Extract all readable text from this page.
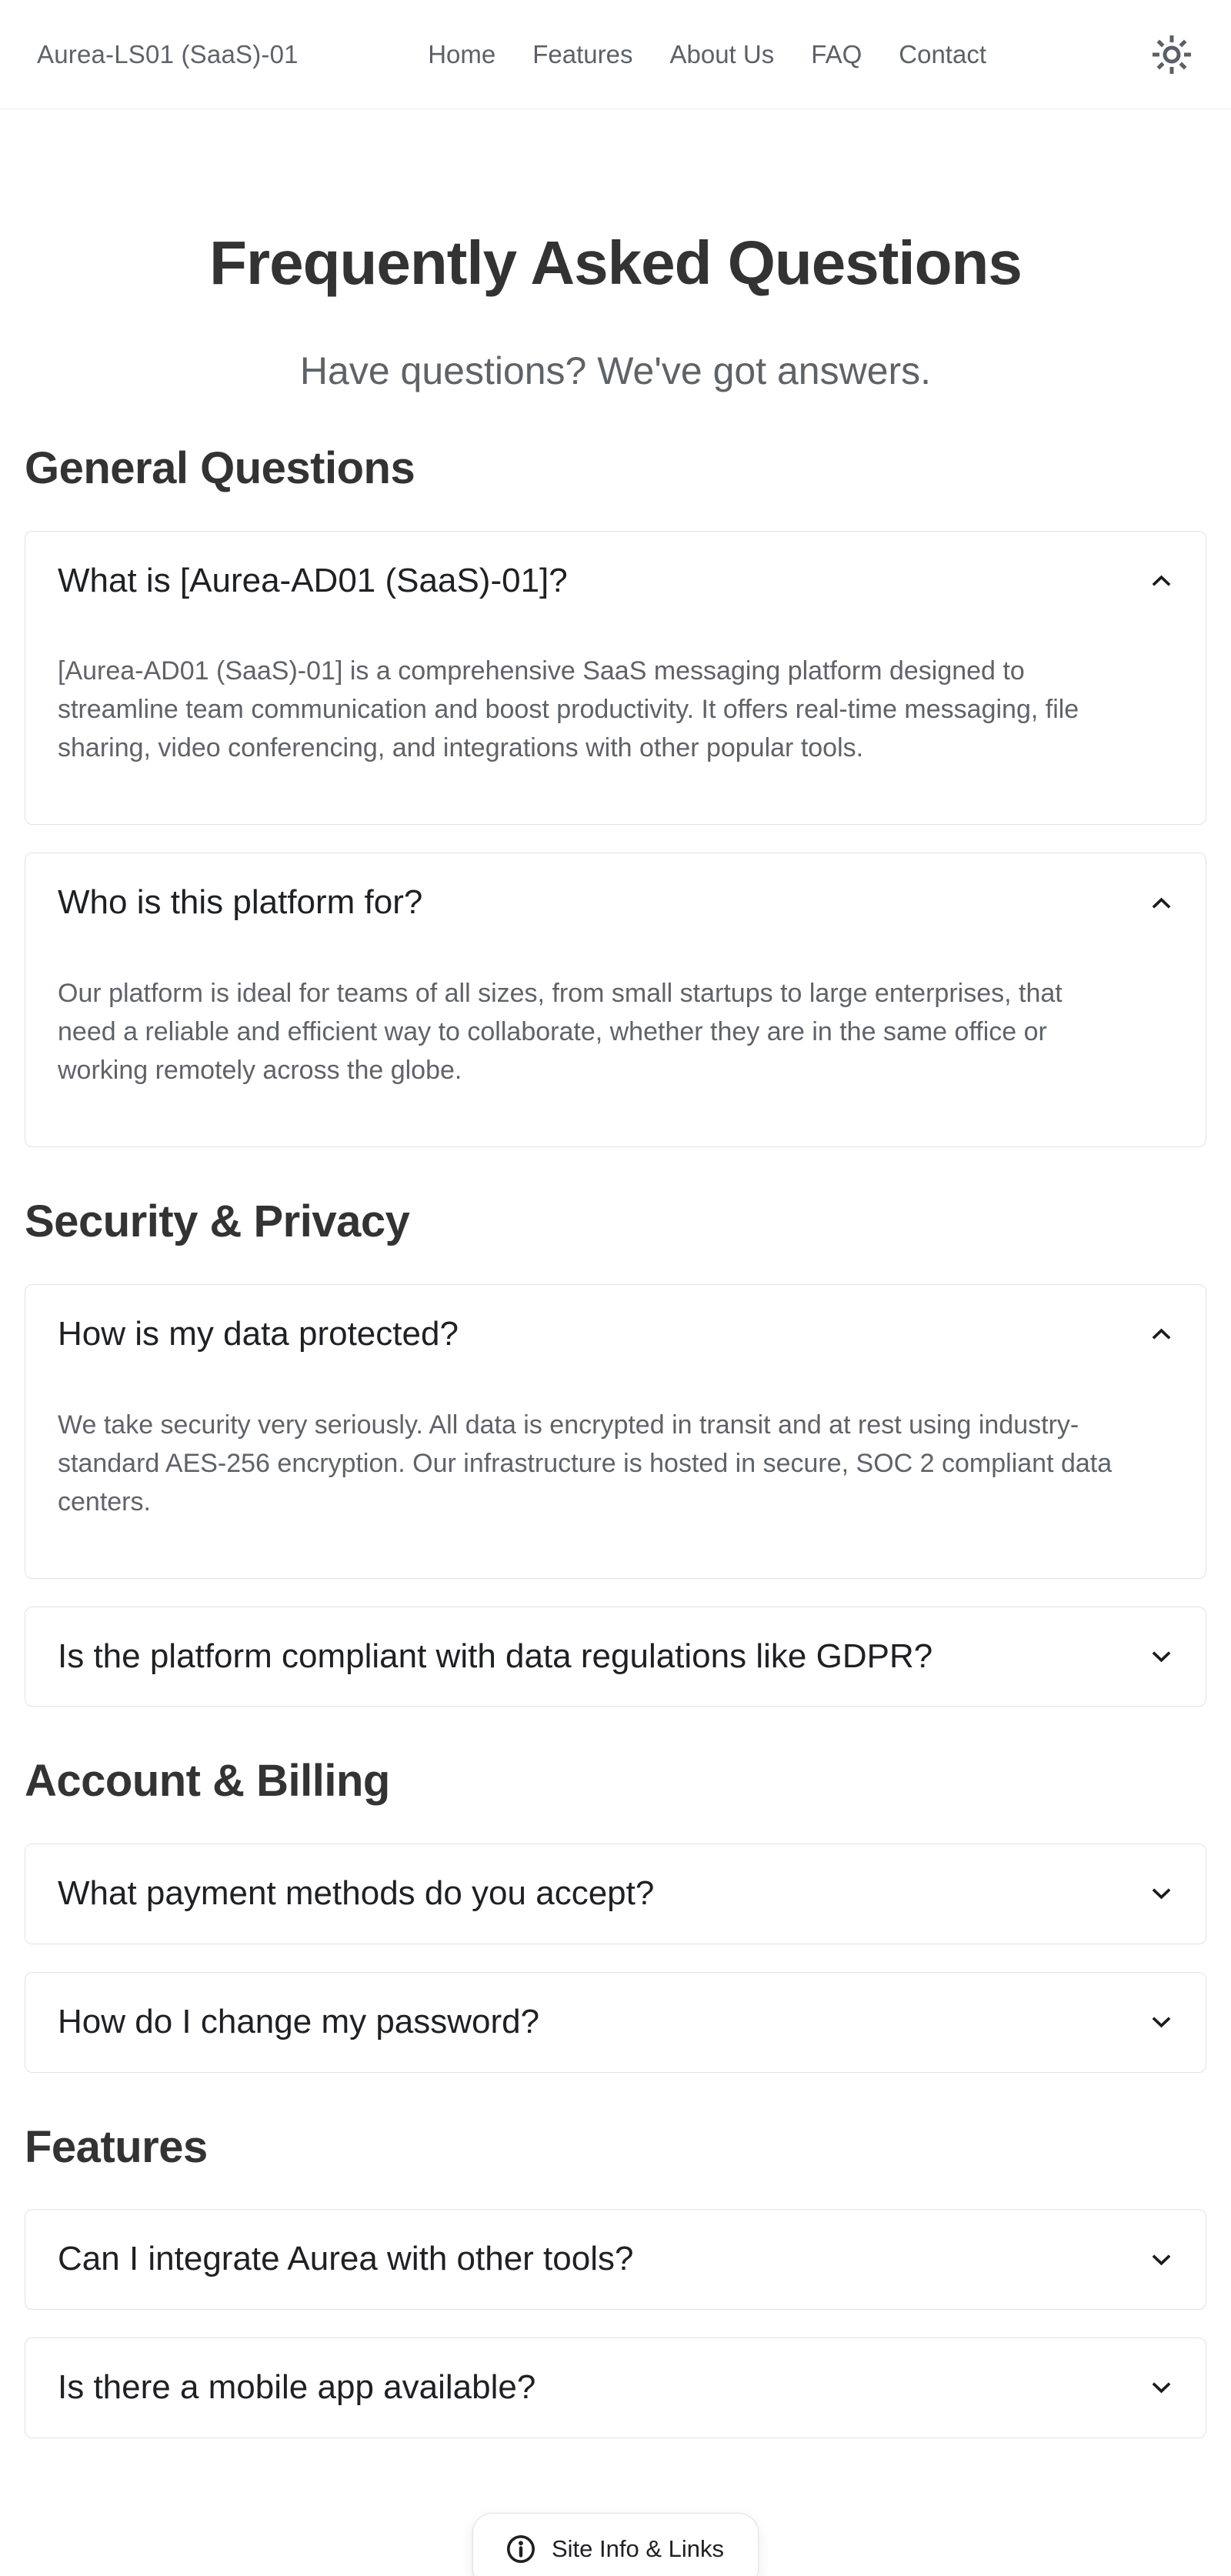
Aurea-LS01 (SaaS)-01	Home Features About Us FAQ Contact
Frequently Asked Questions

Have questions? We've got answers.

General Questions
What is [Aurea-AD01 (SaaS)-01]?
[Aurea-AD01 (SaaS)-01] is a comprehensive SaaS messaging platform designed to streamline team communication and boost productivity. It offers real-time messaging, file sharing, video conferencing, and integrations with other popular tools.
Who is this platform for?
Our platform is ideal for teams of all sizes, from small startups to large enterprises, that need a reliable and efficient way to collaborate, whether they are in the same office or working remotely across the globe.
Security & Privacy
How is my data protected?
We take security very seriously. All data is encrypted in transit and at rest using industry-standard AES-256 encryption. Our infrastructure is hosted in secure, SOC 2 compliant data centers.
Is the platform compliant with data regulations like GDPR?
Account & Billing
What payment methods do you accept?
How do I change my password?
Features
Can I integrate Aurea with other tools?
Is there a mobile app available?
Site Info & Links
